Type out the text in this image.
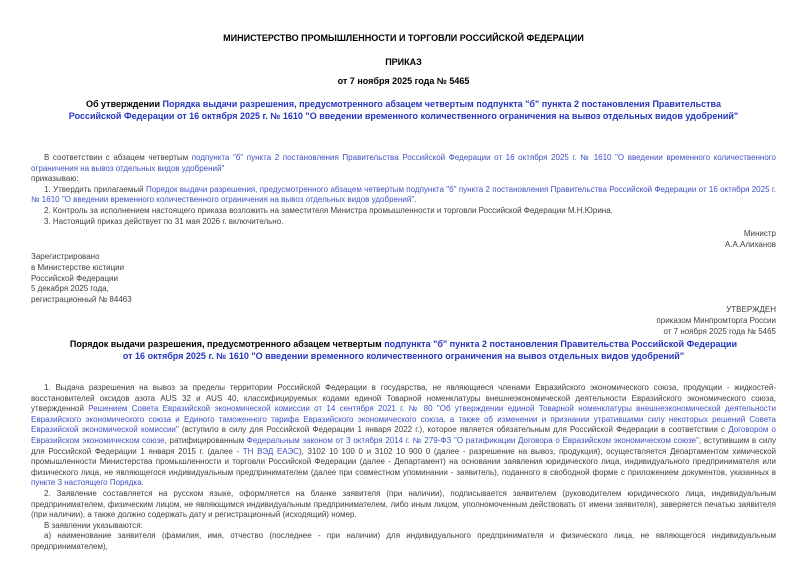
МИНИСТЕРСТВО ПРОМЫШЛЕННОСТИ И ТОРГОВЛИ РОССИЙСКОЙ ФЕДЕРАЦИИ
ПРИКАЗ
от 7 ноября 2025 года № 5465
Об утверждении Порядка выдачи разрешения, предусмотренного абзацем четвертым подпункта "б" пункта 2 постановления Правительства Российской Федерации от 16 октября 2025 г. № 1610 "О введении временного количественного ограничения на вывоз отдельных видов удобрений"

В соответствии с абзацем четвертым подпункта "б" пункта 2 постановления Правительства Российской Федерации от 16 октября 2025 г. № 1610 "О введении временного количественного ограничения на вывоз отдельных видов удобрений"

приказываю:

1. Утвердить прилагаемый Порядок выдачи разрешения, предусмотренного абзацем четвертым подпункта "б" пункта 2 постановления Правительства Российской Федерации от 16 октября 2025 г. № 1610 "О введении временного количественного ограничения на вывоз отдельных видов удобрений".

2. Контроль за исполнением настоящего приказа возложить на заместителя Министра промышленности и торговли Российской Федерации М.Н.Юрина.

3. Настоящий приказ действует по 31 мая 2026 г. включительно.

Министр
А.А.Алиханов
Зарегистрировано
в Министерстве юстиции
Российской Федерации
5 декабря 2025 года,
регистрационный № 84463
УТВЕРЖДЕН
приказом Минпромторга России
от 7 ноября 2025 года № 5465
Порядок выдачи разрешения, предусмотренного абзацем четвертым подпункта "б" пункта 2 постановления Правительства Российской Федерации от 16 октября 2025 г. № 1610 "О введении временного количественного ограничения на вывоз отдельных видов удобрений"

1. Выдача разрешения на вывоз за пределы территории Российской Федерации в государства, не являющиеся членами Евразийского экономического союза, продукции - жидкостей-восстановителей оксидов азота AUS 32 и AUS 40, классифицируемых кодами единой Товарной номенклатуры внешнеэкономической деятельности Евразийского экономического союза, утвержденной Решением Совета Евразийской экономической комиссии от 14 сентября 2021 г. № 80 "Об утверждении единой Товарной номенклатуры внешнеэкономической деятельности Евразийского экономического союза и Единого таможенного тарифа Евразийского экономического союза, а также об изменении и признании утратившими силу некоторых решений Совета Евразийской экономической комиссии" (вступило в силу для Российской Федерации 1 января 2022 г.), которое является обязательным для Российской Федерации в соответствии с Договором о Евразийском экономическом союзе, ратифицированным Федеральным законом от 3 октября 2014 г. № 279-ФЗ "О ратификации Договора о Евразийском экономическом союзе", вступившим в силу для Российской Федерации 1 января 2015 г. (далее - ТН ВЭД ЕАЭС), 3102 10 100 0 и 3102 10 900 0 (далее - разрешение на вывоз, продукция), осуществляется Департаментом химической промышленности Министерства промышленности и торговли Российской Федерации (далее - Департамент) на основании заявления юридического лица, индивидуального предпринимателя или физического лица, не являющегося индивидуальным предпринимателем (далее при совместном упоминании - заявитель), поданного в свободной форме с приложением документов, указанных в пункте 3 настоящего Порядка.

2. Заявление составляется на русском языке, оформляется на бланке заявителя (при наличии), подписывается заявителем (руководителем юридического лица, индивидуальным предпринимателем, физическим лицом, не являющимся индивидуальным предпринимателем, либо иным лицом, уполномоченным действовать от имени заявителя), заверяется печатью заявителя (при наличии), а также должно содержать дату и регистрационный (исходящий) номер.

В заявлении указываются:

а) наименование заявителя (фамилия, имя, отчество (последнее - при наличии) для индивидуального предпринимателя и физического лица, не являющегося индивидуальным предпринимателем),
